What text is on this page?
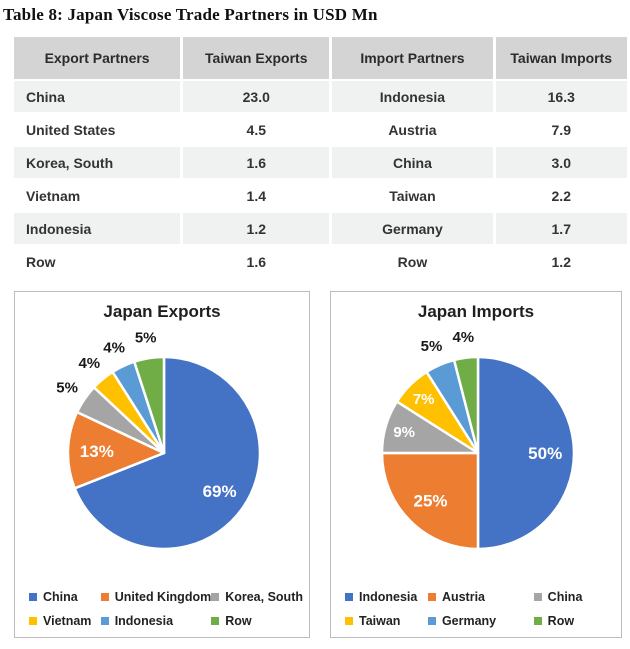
Table 8: Japan Viscose Trade Partners in USD Mn
Export Partners	Taiwan Exports	Import Partners	Taiwan Imports
China	23.0	Indonesia	16.3
United States	4.5	Austria	7.9
Korea, South	1.6	China	3.0
Vietnam	1.4	Taiwan	2.2
Indonesia	1.2	Germany	1.7
Row	1.6	Row	1.2
Japan Exports
69%
13%
5%
4%
4%
5%
China	United Kingdom Korea, South
Vietnam Indonesia	Row
Japan Imports
50%
25%
9%
7%
5%
4%
Indonesia Austria	China
Taiwan	Germany	Row
